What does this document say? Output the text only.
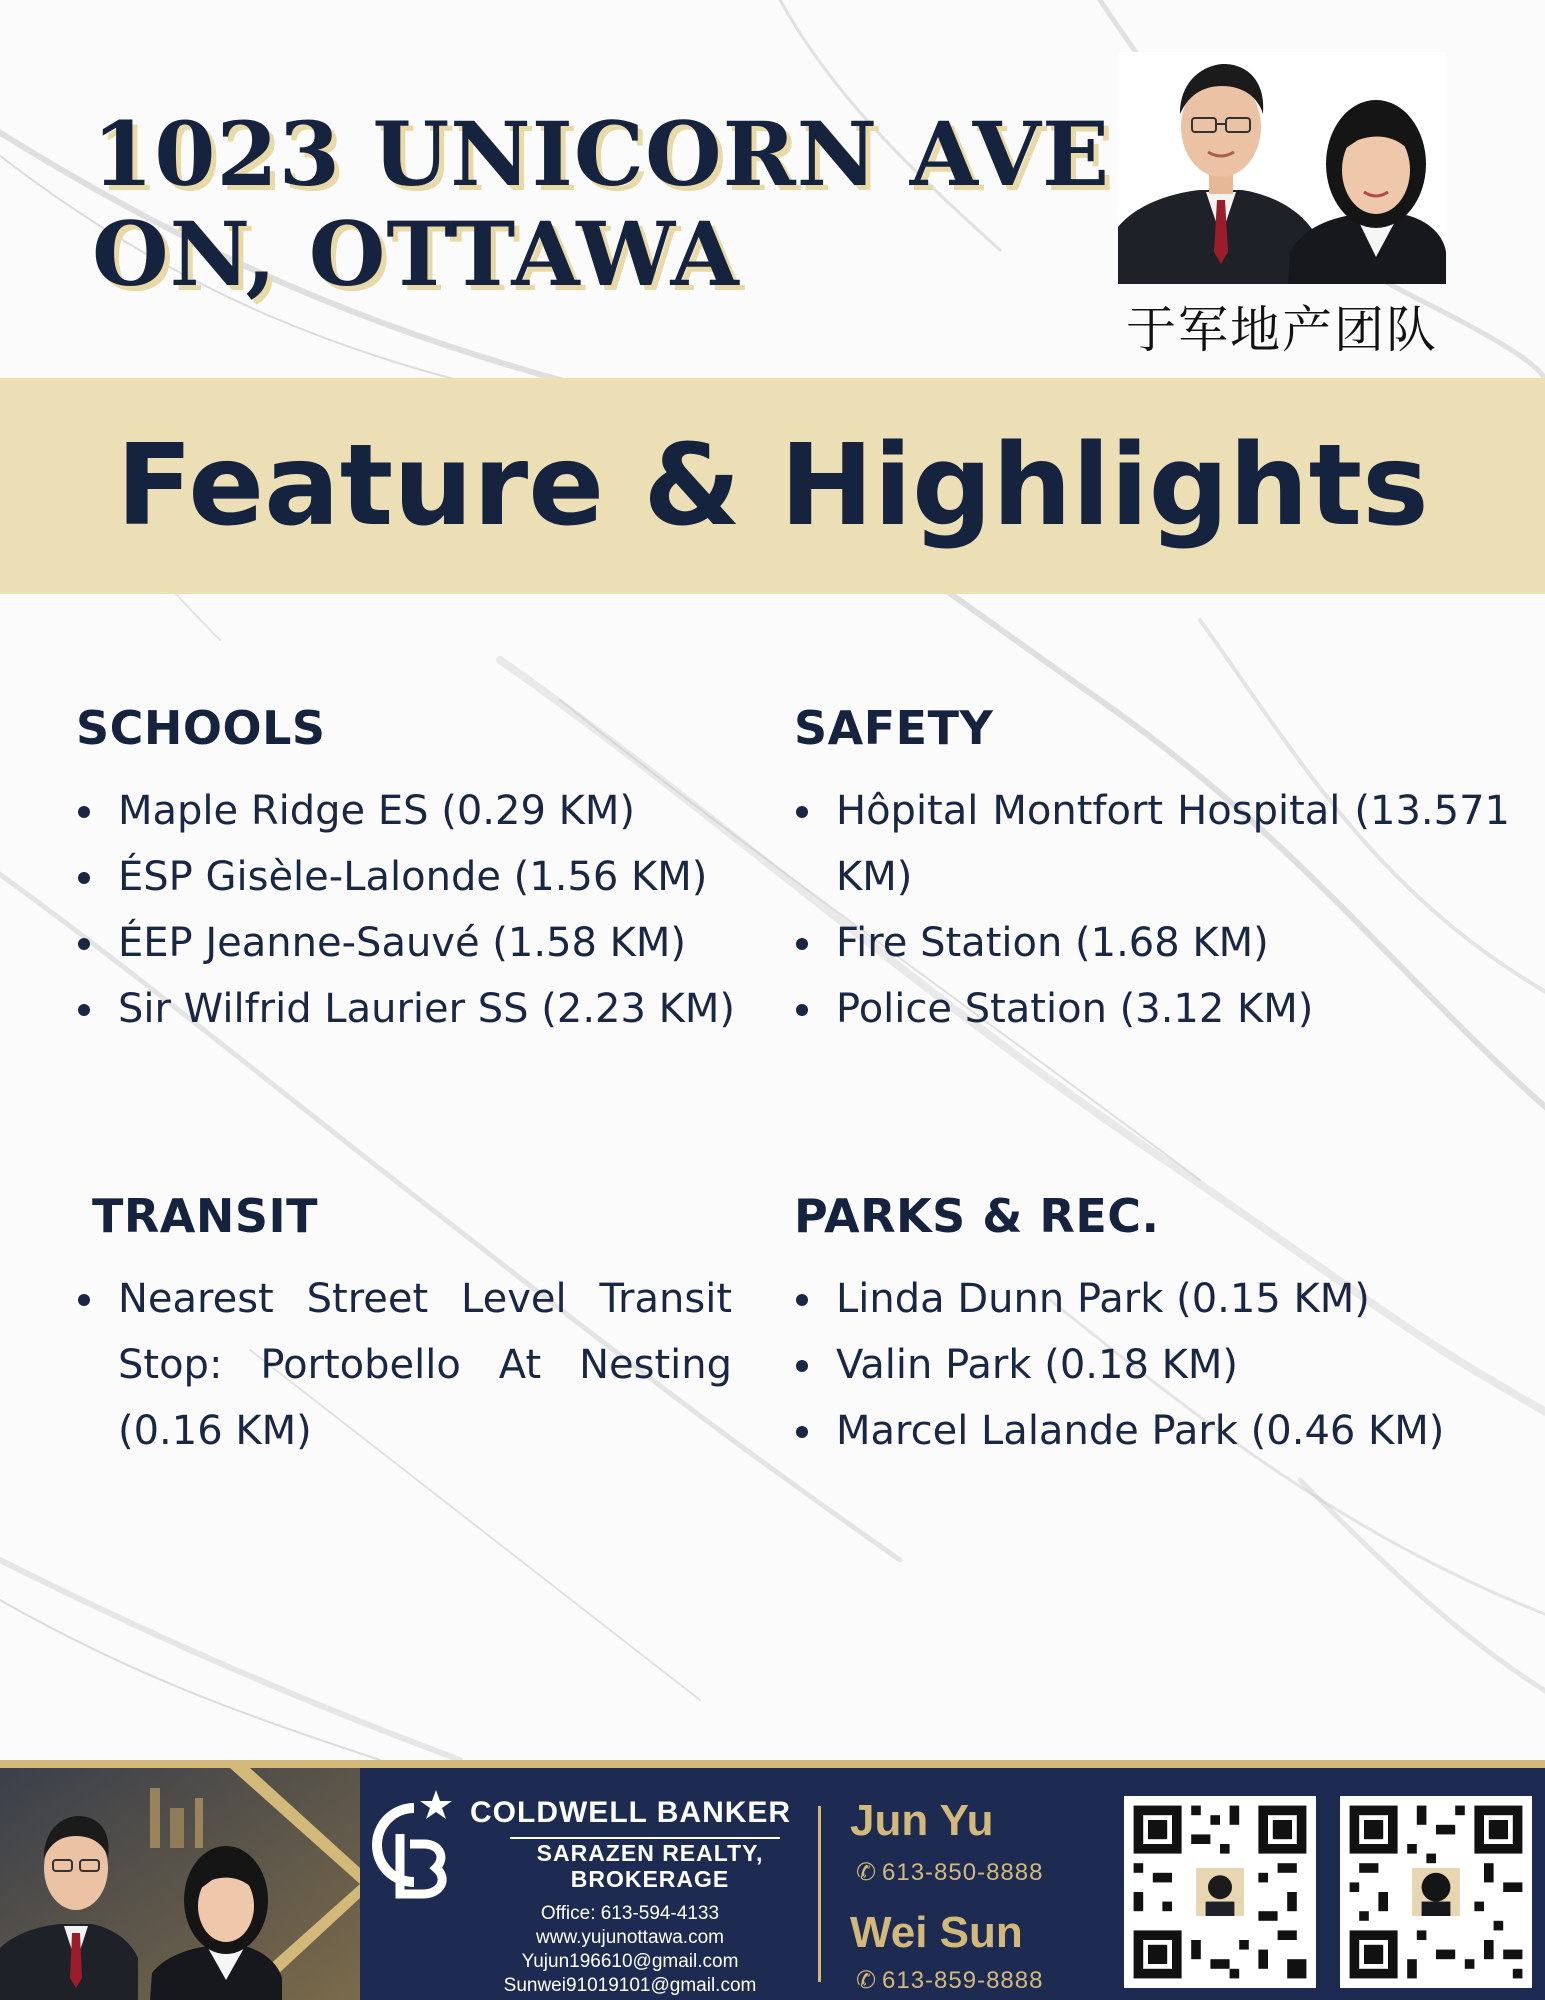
1023 UNICORN AVE
ON, OTTAWA
于军地产团队
Feature & Highlights
SCHOOLS
Maple Ridge ES (0.29 KM)
ÉSP Gisèle-Lalonde (1.56 KM)
ÉEP Jeanne-Sauvé (1.58 KM)
Sir Wilfrid Laurier SS (2.23 KM)
SAFETY
Hôpital Montfort Hospital (13.571 KM)
Fire Station (1.68 KM)
Police Station (3.12 KM)
TRANSIT
Nearest Street Level Transit Stop: Portobello At Nesting (0.16 KM)
PARKS & REC.
Linda Dunn Park (0.15 KM)
Valin Park (0.18 KM)
Marcel Lalande Park (0.46 KM)
COLDWELL BANKER
SARAZEN REALTY,
BROKERAGE
Office: 613-594-4133
www.yujunottawa.com
Yujun196610@gmail.com
Sunwei91019101@gmail.com
Jun Yu
✆ 613-850-8888
Wei Sun
✆ 613-859-8888
